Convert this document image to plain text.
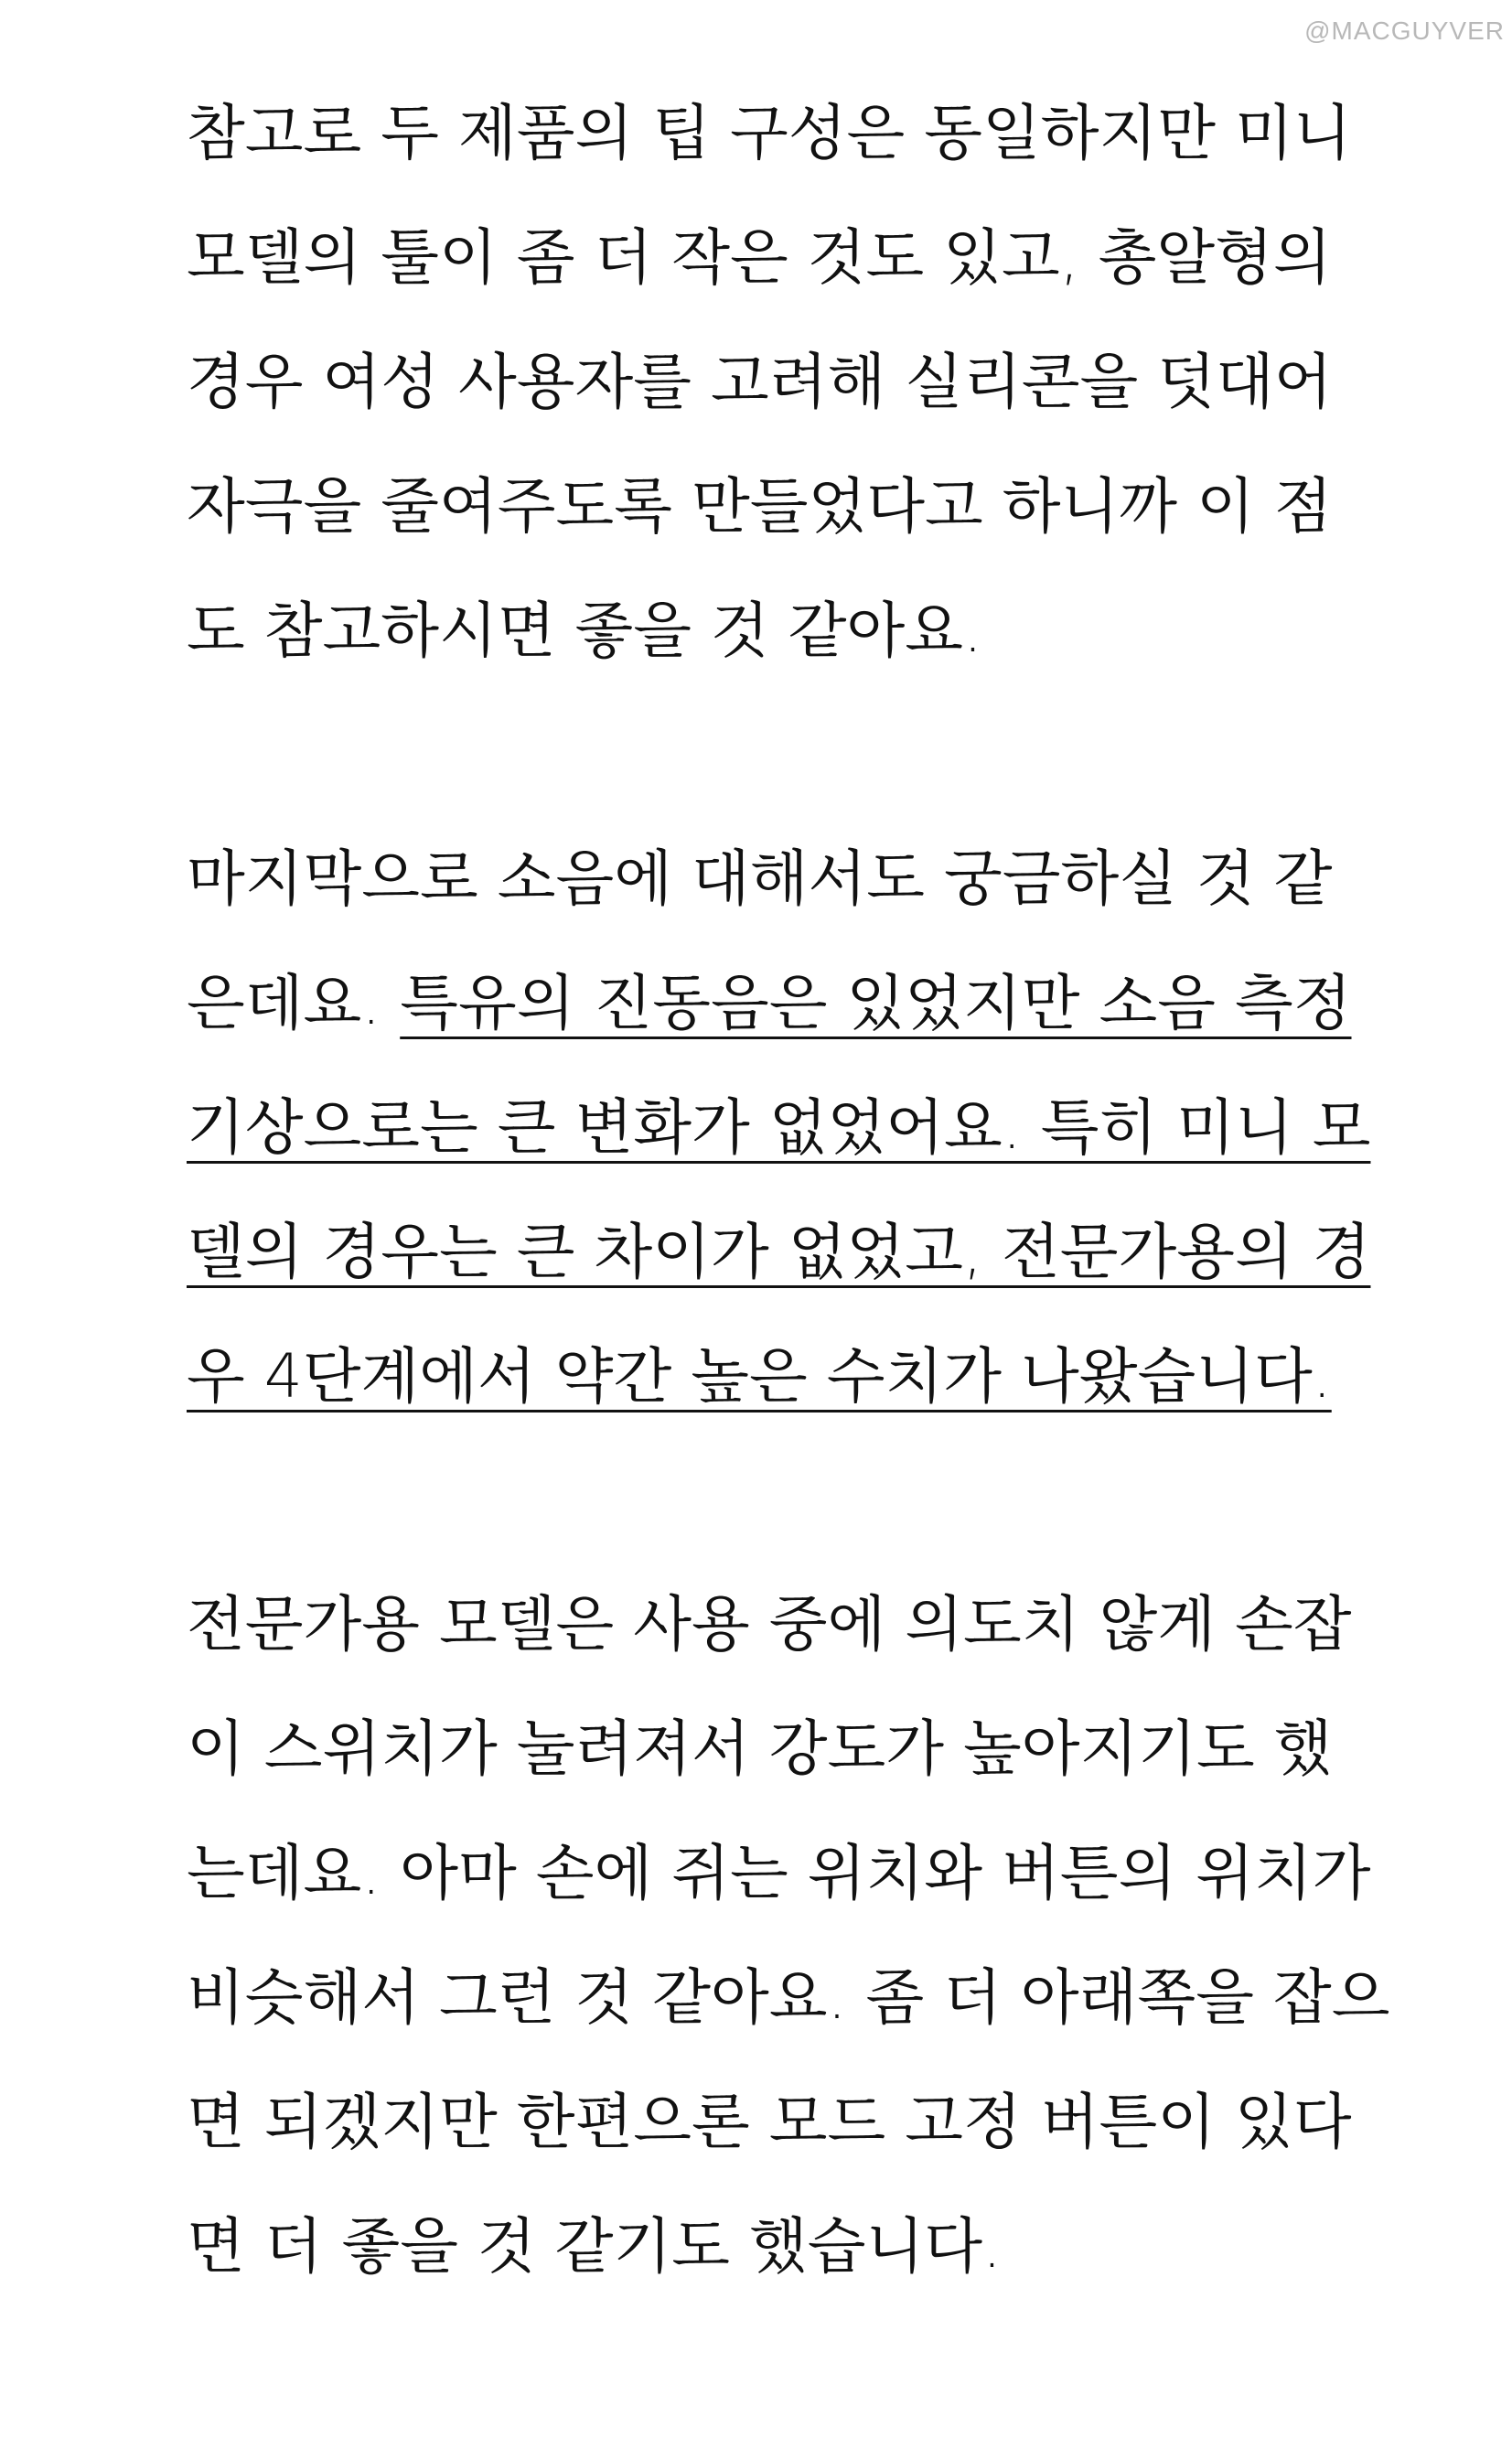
@MACGUYVER

참고로 두 제품의 팁 구성은 동일하지만 미니
모델의 툴이 좀 더 작은 것도 있고, 총알형의
경우 여성 사용자를 고려해 실리콘을 덧대어
자극을 줄여주도록 만들었다고 하니까 이 점
도 참고하시면 좋을 것 같아요.

마지막으로 소음에 대해서도 궁금하실 것 같
은데요. 특유의 진동음은 있었지만 소음 측정
기상으로는 큰 변화가 없었어요. 특히 미니 모
델의 경우는 큰 차이가 없었고, 전문가용의 경
우 4단계에서 약간 높은 수치가 나왔습니다.

전문가용 모델은 사용 중에 의도치 않게 손잡
이 스위치가 눌려져서 강도가 높아지기도 했
는데요. 아마 손에 쥐는 위치와 버튼의 위치가
비슷해서 그런 것 같아요. 좀 더 아래쪽을 잡으
면 되겠지만 한편으론 모드 고정 버튼이 있다
면 더 좋을 것 같기도 했습니다.
